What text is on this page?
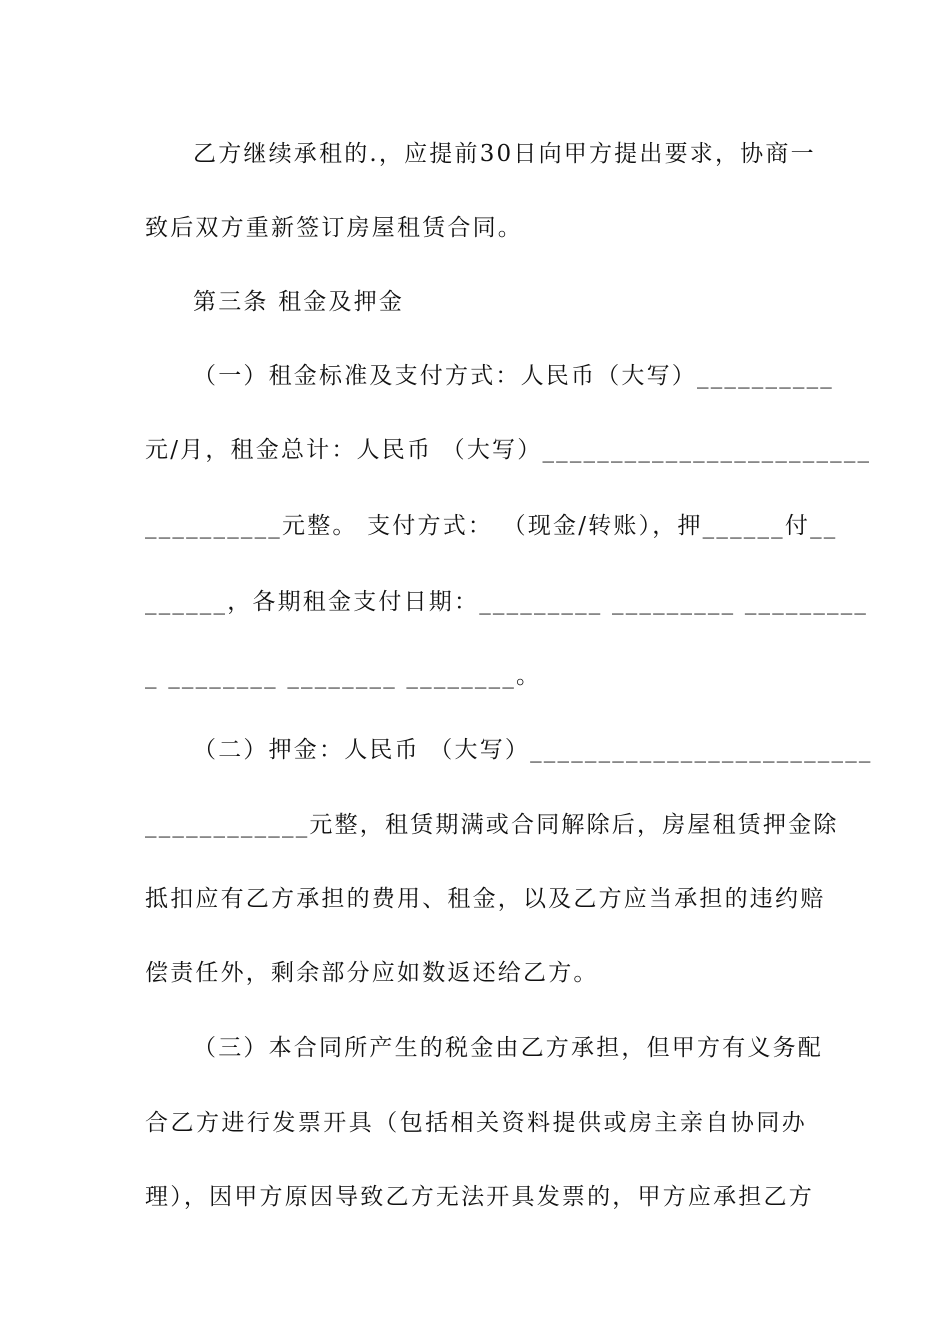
乙方继续承租的.，应提前30日向甲方提出要求，协商一
致后双方重新签订房屋租赁合同。
第三条 租金及押金
（一）租金标准及支付方式：人民币（大写）__________
元/月，租金总计：人民币 （大写）________________________
__________元整。 支付方式： （现金/转账），押______付__
______，各期租金支付日期：_________ _________ _________
_ ________ ________ ________。
（二）押金：人民币 （大写）_________________________
____________元整，租赁期满或合同解除后，房屋租赁押金除
抵扣应有乙方承担的费用、租金，以及乙方应当承担的违约赔
偿责任外，剩余部分应如数返还给乙方。
（三）本合同所产生的税金由乙方承担，但甲方有义务配
合乙方进行发票开具（包括相关资料提供或房主亲自协同办
理），因甲方原因导致乙方无法开具发票的，甲方应承担乙方
